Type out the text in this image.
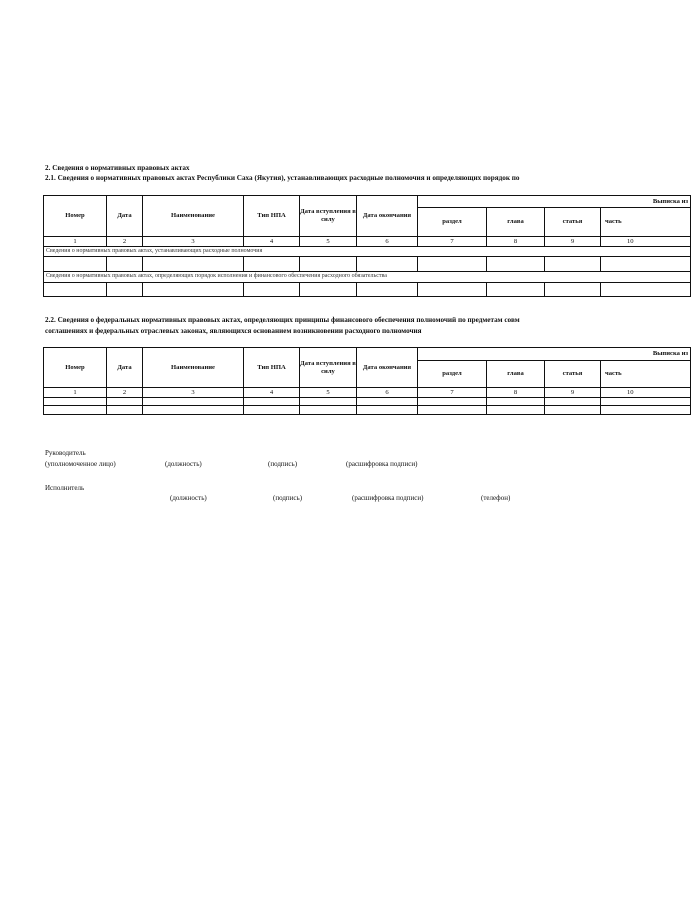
2. Сведения о нормативных правовых актах
2.1. Сведения о нормативных правовых актах Республики Саха (Якутия), устанавливающих расходные полномочия и определяющих порядок по
Номер	Дата	Наименование	Тип НПА	Дата вступления в силу	Дата окончания	Выписка из			
						раздел	глава	статья	часть
1	2	3	4	5	6	7	8	9	10
Сведения о нормативных правовых актах, устанавливающих расходные полномочия									

Сведения о нормативных правовых актах, определяющих порядок исполнения и финансового обеспечения расходного обязательства									

2.2. Сведения о федеральных нормативных правовых актах, определяющих принципы финансового обеспечения полномочий по предметам совм
соглашениях и федеральных отраслевых законах, являющихся основанием возникновении расходного полномочия
Номер	Дата	Наименование	Тип НПА	Дата вступления в силу	Дата окончания	Выписка из			
						раздел	глава	статья	часть
1	2	3	4	5	6	7	8	9	10

Руководитель
(уполномоченное лицо)	(должность)	(подпись)	(расшифровка подписи)
Исполнитель
(должность)	(подпись)	(расшифровка подписи)	(телефон)
